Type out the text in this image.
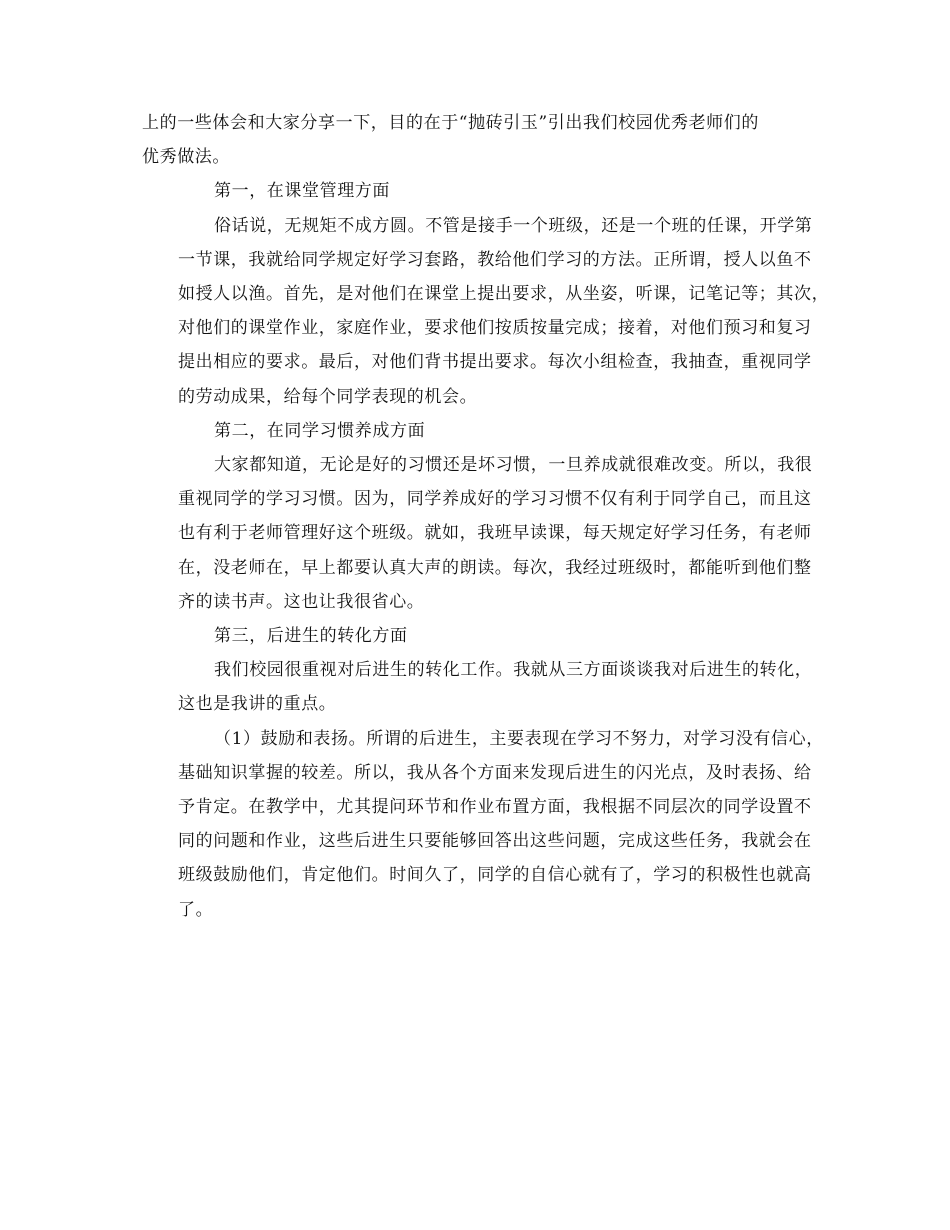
上的一些体会和大家分享一下，目的在于“抛砖引玉”引出我们校园优秀老师们的
优秀做法。

第一，在课堂管理方面

俗话说，无规矩不成方圆。不管是接手一个班级，还是一个班的任课，开学第
一节课，我就给同学规定好学习套路，教给他们学习的方法。正所谓，授人以鱼不
如授人以渔。首先，是对他们在课堂上提出要求，从坐姿，听课，记笔记等；其次，
对他们的课堂作业，家庭作业，要求他们按质按量完成；接着，对他们预习和复习
提出相应的要求。最后，对他们背书提出要求。每次小组检查，我抽查，重视同学
的劳动成果，给每个同学表现的机会。

第二，在同学习惯养成方面

大家都知道，无论是好的习惯还是坏习惯，一旦养成就很难改变。所以，我很
重视同学的学习习惯。因为，同学养成好的学习习惯不仅有利于同学自己，而且这
也有利于老师管理好这个班级。就如，我班早读课，每天规定好学习任务，有老师
在，没老师在，早上都要认真大声的朗读。每次，我经过班级时，都能听到他们整
齐的读书声。这也让我很省心。

第三，后进生的转化方面

我们校园很重视对后进生的转化工作。我就从三方面谈谈我对后进生的转化，
这也是我讲的重点。

（1）鼓励和表扬。所谓的后进生，主要表现在学习不努力，对学习没有信心，
基础知识掌握的较差。所以，我从各个方面来发现后进生的闪光点，及时表扬、给
予肯定。在教学中，尤其提问环节和作业布置方面，我根据不同层次的同学设置不
同的问题和作业，这些后进生只要能够回答出这些问题，完成这些任务，我就会在
班级鼓励他们，肯定他们。时间久了，同学的自信心就有了，学习的积极性也就高
了。
